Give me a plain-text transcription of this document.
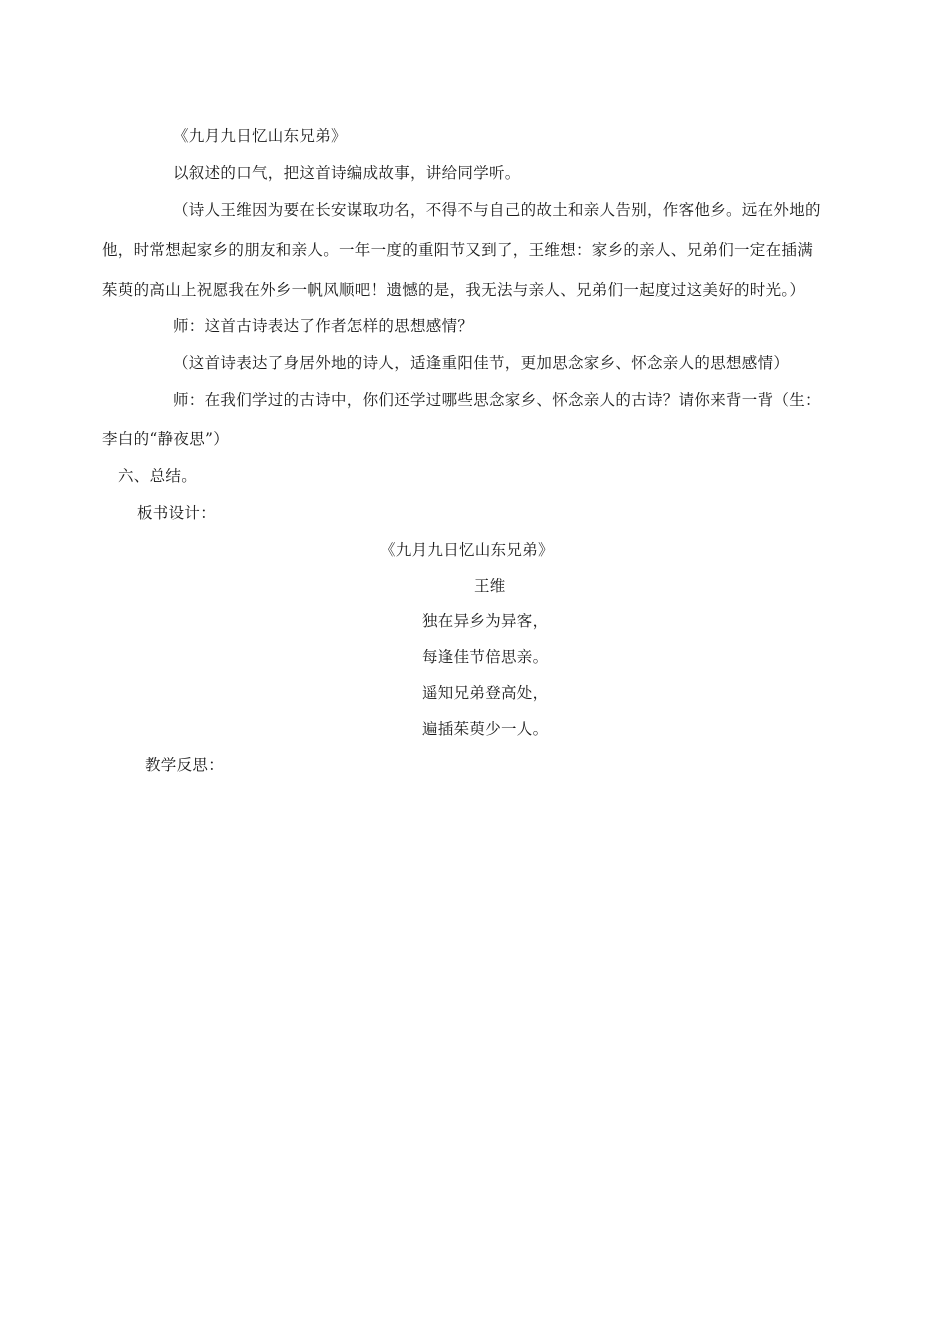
《九月九日忆山东兄弟》
以叙述的口气，把这首诗编成故事，讲给同学听。
（诗人王维因为要在长安谋取功名，不得不与自己的故土和亲人告别，作客他乡。远在外地的
他，时常想起家乡的朋友和亲人。一年一度的重阳节又到了，王维想：家乡的亲人、兄弟们一定在插满
茱萸的高山上祝愿我在外乡一帆风顺吧！遗憾的是，我无法与亲人、兄弟们一起度过这美好的时光。）
师：这首古诗表达了作者怎样的思想感情？
（这首诗表达了身居外地的诗人，适逢重阳佳节，更加思念家乡、怀念亲人的思想感情）
师：在我们学过的古诗中，你们还学过哪些思念家乡、怀念亲人的古诗？请你来背一背（生：
李白的“静夜思”）
六、总结。
板书设计：
《九月九日忆山东兄弟》
王维
独在异乡为异客，
每逢佳节倍思亲。
遥知兄弟登高处，
遍插茱萸少一人。
教学反思：
